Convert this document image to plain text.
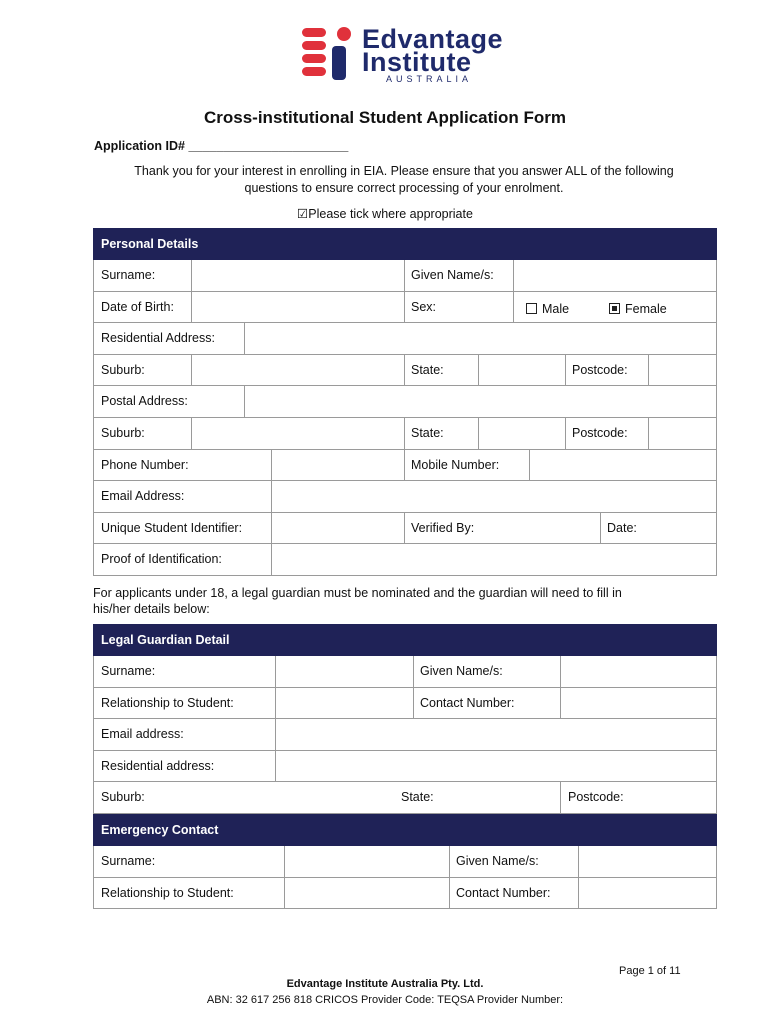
Edvantage
Institute
AUSTRALIA
Cross-institutional Student Application Form
Application ID# _______________________
Thank you for your interest in enrolling in EIA. Please ensure that you answer ALL of the following
questions to ensure correct processing of your enrolment.
☑Please tick where appropriate
Personal Details
Surname:	Given Name/s:
Date of Birth:	Sex:	Male	Female
Residential Address:
Suburb:	State:	Postcode:
Postal Address:
Suburb:	State:	Postcode:
Phone Number:	Mobile Number:
Email Address:
Unique Student Identifier:	Verified By:	Date:
Proof of Identification:
For applicants under 18, a legal guardian must be nominated and the guardian will need to fill in
his/her details below:
Legal Guardian Detail
Surname:	Given Name/s:
Relationship to Student:	Contact Number:
Email address:
Residential address:
Suburb:	State:	Postcode:
Emergency Contact
Surname:	Given Name/s:
Relationship to Student:	Contact Number:
Page 1 of 11
Edvantage Institute Australia Pty. Ltd.
ABN: 32 617 256 818 CRICOS Provider Code: TEQSA Provider Number:
